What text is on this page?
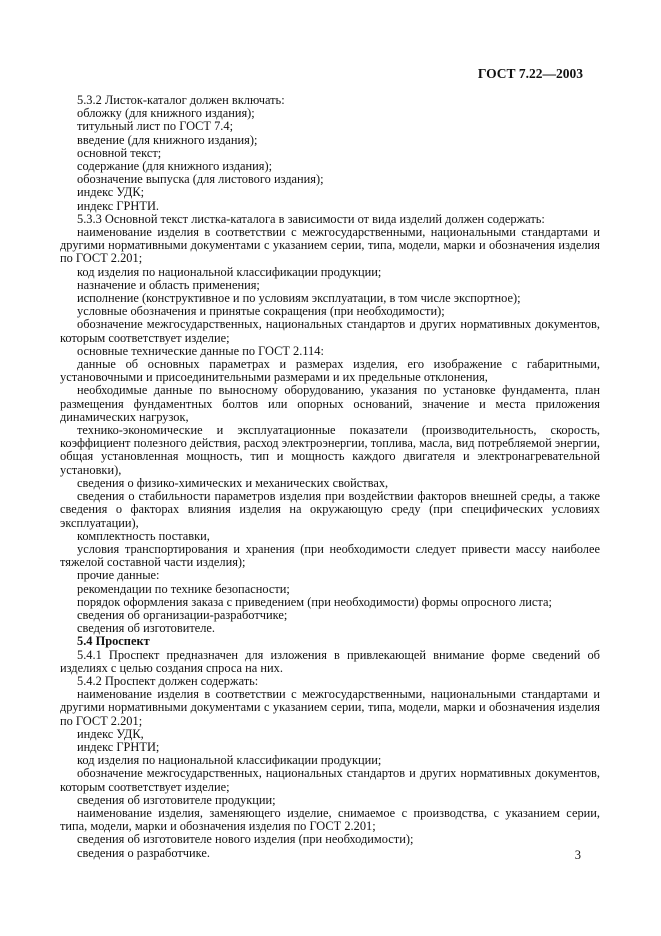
ГОСТ 7.22—2003

5.3.2 Листок-каталог должен включать:

обложку (для книжного издания);

титульный лист по ГОСТ 7.4;

введение (для книжного издания);

основной текст;

содержание (для книжного издания);

обозначение выпуска (для листового издания);

индекс УДК;

индекс ГРНТИ.

5.3.3 Основной текст листка-каталога в зависимости от вида изделий должен содержать:

наименование изделия в соответствии с межгосударственными, национальными стандартами и другими нормативными документами с указанием серии, типа, модели, марки и обозначения изделия по ГОСТ 2.201;

код изделия по национальной классификации продукции;

назначение и область применения;

исполнение (конструктивное и по условиям эксплуатации, в том числе экспортное);

условные обозначения и принятые сокращения (при необходимости);

обозначение межгосударственных, национальных стандартов и других нормативных документов, которым соответствует изделие;

основные технические данные по ГОСТ 2.114:

данные об основных параметрах и размерах изделия, его изображение с габаритными, установочными и присоединительными размерами и их предельные отклонения,

необходимые данные по выносному оборудованию, указания по установке фундамента, план размещения фундаментных болтов или опорных оснований, значение и места приложения динамических нагрузок,

технико-экономические и эксплуатационные показатели (производительность, скорость, коэффициент полезного действия, расход электроэнергии, топлива, масла, вид потребляемой энергии, общая установленная мощность, тип и мощность каждого двигателя и электронагревательной установки),

сведения о физико-химических и механических свойствах,

сведения о стабильности параметров изделия при воздействии факторов внешней среды, а также сведения о факторах влияния изделия на окружающую среду (при специфических условиях эксплуатации),

комплектность поставки,

условия транспортирования и хранения (при необходимости следует привести массу наиболее тяжелой составной части изделия);

прочие данные:

рекомендации по технике безопасности;

порядок оформления заказа с приведением (при необходимости) формы опросного листа;

сведения об организации-разработчике;

сведения об изготовителе.

5.4 Проспект

5.4.1 Проспект предназначен для изложения в привлекающей внимание форме сведений об изделиях с целью создания спроса на них.

5.4.2 Проспект должен содержать:

наименование изделия в соответствии с межгосударственными, национальными стандартами и другими нормативными документами с указанием серии, типа, модели, марки и обозначения изделия по ГОСТ 2.201;

индекс УДК,

индекс ГРНТИ;

код изделия по национальной классификации продукции;

обозначение межгосударственных, национальных стандартов и других нормативных документов, которым соответствует изделие;

сведения об изготовителе продукции;

наименование изделия, заменяющего изделие, снимаемое с производства, с указанием серии, типа, модели, марки и обозначения изделия по ГОСТ 2.201;

сведения об изготовителе нового изделия (при необходимости);

сведения о разработчике.	3
